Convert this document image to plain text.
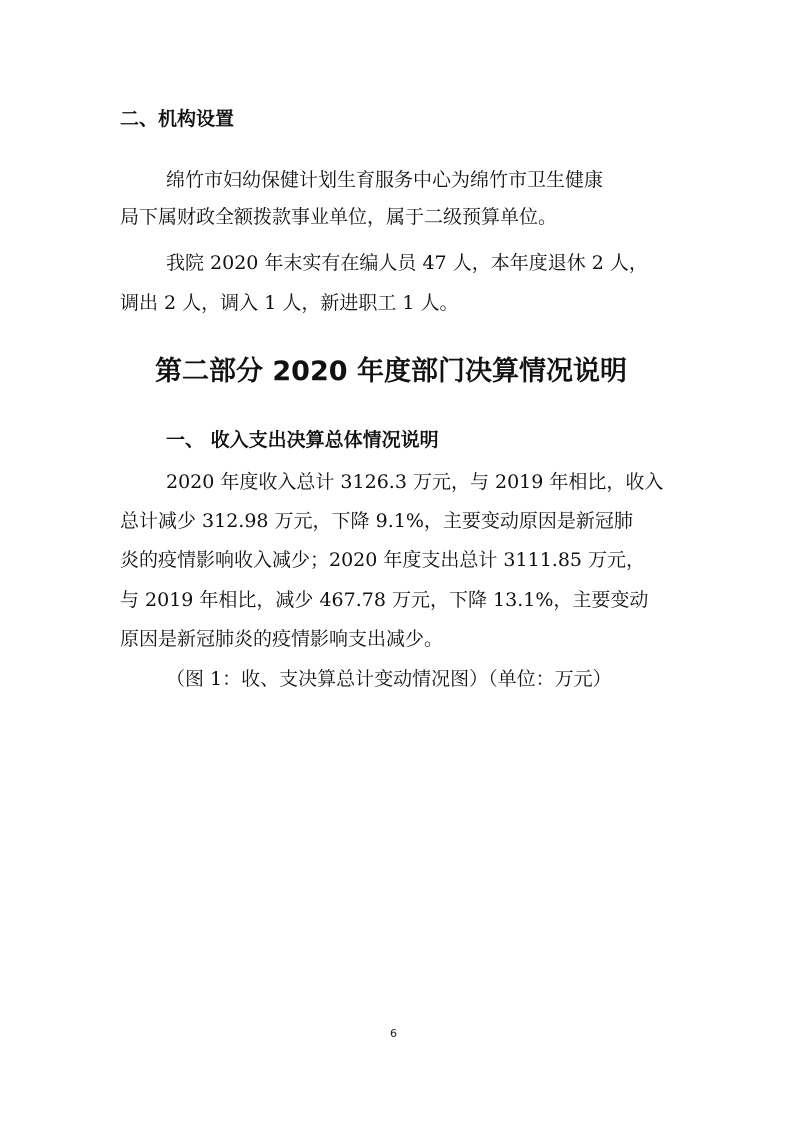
二、机构设置

绵竹市妇幼保健计划生育服务中心为绵竹市卫生健康

局下属财政全额拨款事业单位，属于二级预算单位。

我院 2020 年末实有在编人员 47 人，本年度退休 2 人，

调出 2 人，调入 1 人，新进职工 1 人。

第二部分 2020 年度部门决算情况说明
一、 收入支出决算总体情况说明

2020 年度收入总计 3126.3 万元，与 2019 年相比，收入

总计减少 312.98 万元，下降 9.1%，主要变动原因是新冠肺

炎的疫情影响收入减少；2020 年度支出总计 3111.85 万元，

与 2019 年相比，减少 467.78 万元，下降 13.1%，主要变动

原因是新冠肺炎的疫情影响支出减少。

（图 1：收、支决算总计变动情况图）（单位：万元）

6
